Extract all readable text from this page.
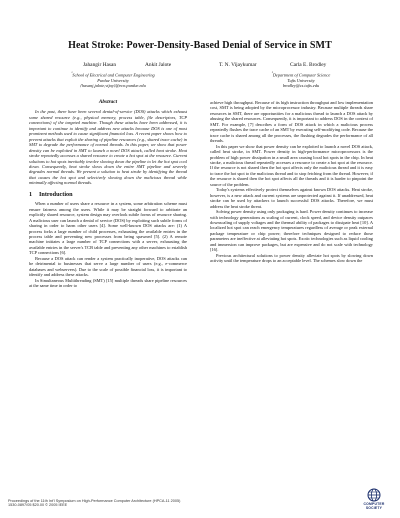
Heat Stroke: Power-Density-Based Denial of Service in SMT
Jahangir Hasan	Ankit Jalote	T. N. Vijaykumar	Carla E. Brodley
$^{^1}$School of Electrical and Computer Engineering
Purdue University
{hasanj,jalote,vijay}@ecn.purdue.edu
$^{^2}$Department of Computer Science
Tufts University
brodley@cs.tufts.edu
Abstract

In the past, there have been several denial-of-service (DOS) attacks which exhaust some shared resource (e.g., physical memory, process table, file descriptors, TCP connections) of the targeted machine. Though these attacks have been addressed, it is important to continue to identify and address new attacks because DOS is one of most prominent methods used to cause significant financial loss. A recent paper shows how to prevent attacks that exploit the sharing of pipeline resources (e.g., shared trace cache) in SMT to degrade the performance of normal threads. In this paper, we show that power density can be exploited in SMT to launch a novel DOS attack, called heat stroke. Heat stroke repeatedly accesses a shared resource to create a hot spot at the resource. Current solutions to hot spots inevitably involve slowing down the pipeline to let the hot spot cool down. Consequently, heat stroke slows down the entire SMT pipeline and severely degrades normal threads. We present a solution to heat stroke by identifying the thread that causes the hot spot and selectively slowing down the malicious thread while minimally affecting normal threads.

1 Introduction

When a number of users share a resource in a system, some arbitration scheme must ensure fairness among the users. While it may be straight forward to arbitrate an explicitly shared resource, system design may overlook subtle forms of resource sharing. A malicious user can launch a denial of service (DOS) by exploiting such subtle forms of sharing in order to harm other users [4]. Some well-known DOS attacks are: (1) A process forks a large number of child processes, exhausting the available entries in the process table and preventing new processes from being spawned [5]. (2) A remote machine initiates a large number of TCP connections with a server, exhausting the available entries in the server's TCB table and preventing any other machines to establish TCP connections [6].

Because a DOS attack can render a system practically inoperative, DOS attacks can be detrimental to businesses that serve a large number of users (e.g., e-commerce databases and webservers). Due to the scale of possible financial loss, it is important to identify and address these attacks.

In Simultaneous Multithreading (SMT) [15] multiple threads share pipeline resources at the same time in order to

achieve high throughput. Because of its high instruction throughput and low implementation cost, SMT is being adopted by the microprocessor industry. Because multiple threads share resources in SMT, there are opportunities for a malicious thread to launch a DOS attack by abusing the shared resources. Consequently, it is important to address DOS in the context of SMT. For example, [7] describes a form of DOS attack in which a malicious process repeatedly flushes the trace cache of an SMT by executing self-modifying code. Because the trace cache is shared among all the processes, the flushing degrades the performance of all threads.

In this paper we show that power density can be exploited to launch a novel DOS attack, called heat stroke, in SMT. Power density in high-performance microprocessors is the problem of high power dissipation in a small area causing local hot spots in the chip. In heat stroke, a malicious thread repeatedly accesses a resource to create a hot spot at the resource. If the resource is not shared then the hot spot affects only the malicious thread and it is easy to trace the hot spot to the malicious thread and to stop fetching from the thread. However, if the resource is shared then the hot spot affects all the threads and it is harder to pinpoint the source of the problem.

Today's systems effectively protect themselves against known DOS attacks. Heat stroke, however, is a new attack and current systems are unprotected against it. If unaddressed, heat stroke can be used by attackers to launch successful DOS attacks. Therefore, we must address the heat stroke threat.

Solving power density using only packaging is hard. Power density continues to increase with technology generations as scaling of current, clock speed, and device density outpaces downscaling of supply voltages and the thermal ability of packages to dissipate heat [10]. A localized hot spot can reach emergency temperatures regardless of average or peak external package temperature or chip power; therefore techniques designed to reduce those parameters are ineffective at alleviating hot spots. Exotic technologies such as liquid cooling and immersion can improve packages, but are expensive and do not scale with technology [16].

Previous architectural solutions to power density alleviate hot spots by slowing down activity until the temperature drops to an acceptable level. The schemes slow down the

Proceedings of the 11th Int'l Symposium on High-Performance Computer Architecture (HPCA-11 2005)
1530-0897/05 $20.00 © 2005 IEEE	COMPUTER
SOCIETY
